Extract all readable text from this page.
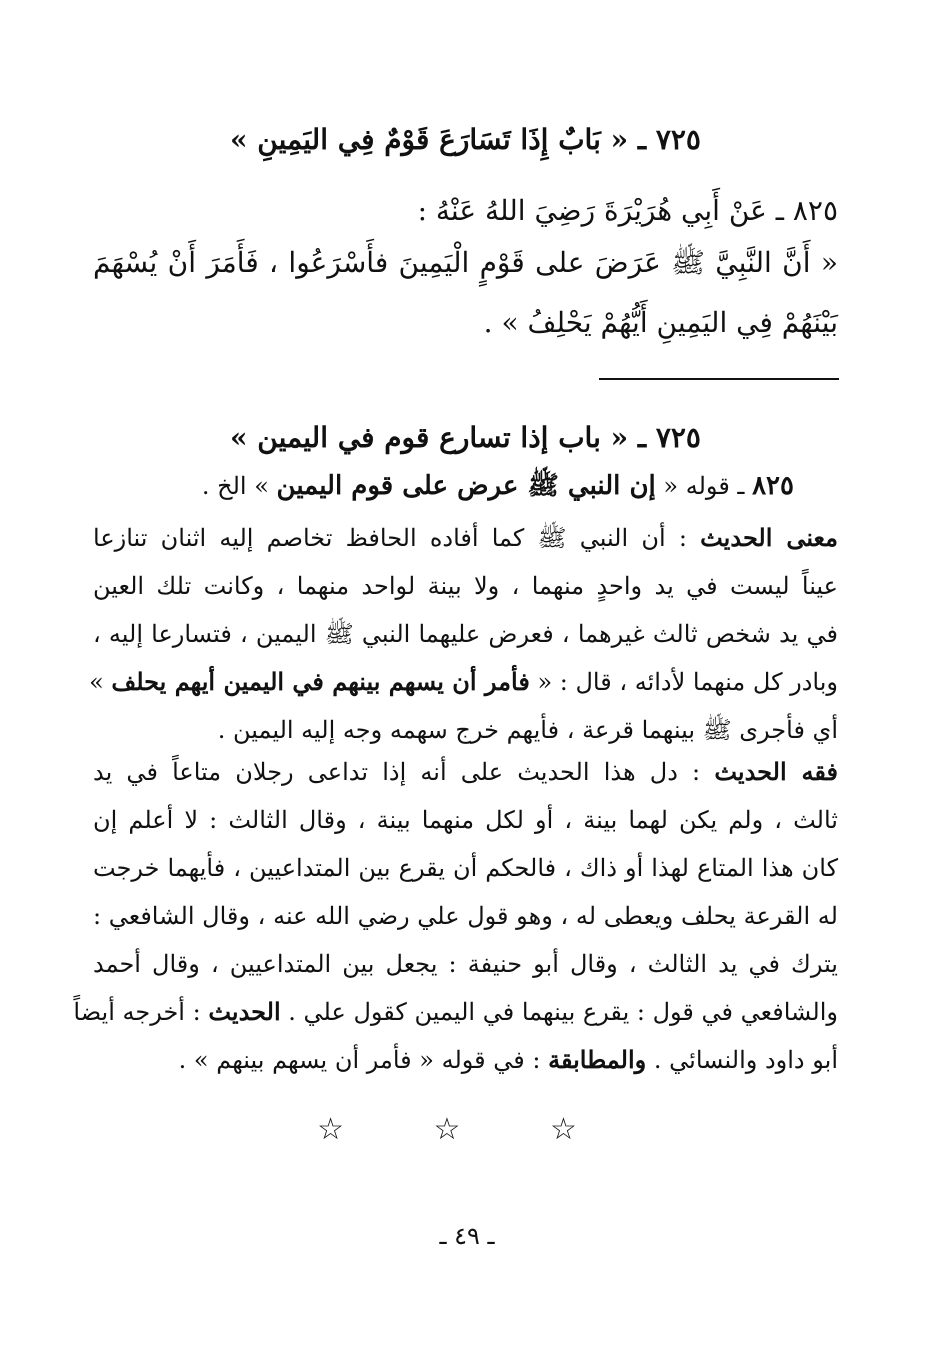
٧٢٥ ـ « بَابٌ إِذَا تَسَارَعَ قَوْمٌ فِي اليَمِينِ »
٨٢٥ ـ عَنْ أَبِي هُرَيْرَةَ رَضِيَ اللهُ عَنْهُ :
« أَنَّ النَّبِيَّ ﷺ عَرَضَ على قَوْمٍ الْيَمِينَ فأَسْرَعُوا ، فَأَمَرَ أَنْ يُسْهَمَ
بَيْنَهُمْ فِي اليَمِينِ أَيُّهُمْ يَحْلِفُ » .
٧٢٥ ـ « باب إذا تسارع قوم في اليمين »
٨٢٥ ـ قوله « إن النبي ﷺ عرض على قوم اليمين » الخ .
معنى الحديث : أن النبي ﷺ كما أفاده الحافظ تخاصم إليه اثنان تنازعا
عيناً ليست في يد واحدٍ منهما ، ولا بينة لواحد منهما ، وكانت تلك العين
في يد شخص ثالث غيرهما ، فعرض عليهما النبي ﷺ اليمين ، فتسارعا إليه ،
وبادر كل منهما لأدائه ، قال : « فأمر أن يسهم بينهم في اليمين أيهم يحلف »
أي فأجرى ﷺ بينهما قرعة ، فأيهم خرج سهمه وجه إليه اليمين .
فقه الحديث : دل هذا الحديث على أنه إذا تداعى رجلان متاعاً في يد
ثالث ، ولم يكن لهما بينة ، أو لكل منهما بينة ، وقال الثالث : لا أعلم إن
كان هذا المتاع لهذا أو ذاك ، فالحكم أن يقرع بين المتداعيين ، فأيهما خرجت
له القرعة يحلف ويعطى له ، وهو قول علي رضي الله عنه ، وقال الشافعي :
يترك في يد الثالث ، وقال أبو حنيفة : يجعل بين المتداعيين ، وقال أحمد
والشافعي في قول : يقرع بينهما في اليمين كقول علي . الحديث : أخرجه أيضاً
أبو داود والنسائي . والمطابقة : في قوله « فأمر أن يسهم بينهم » .
☆ ☆ ☆
ـ ٤٩ ـ
